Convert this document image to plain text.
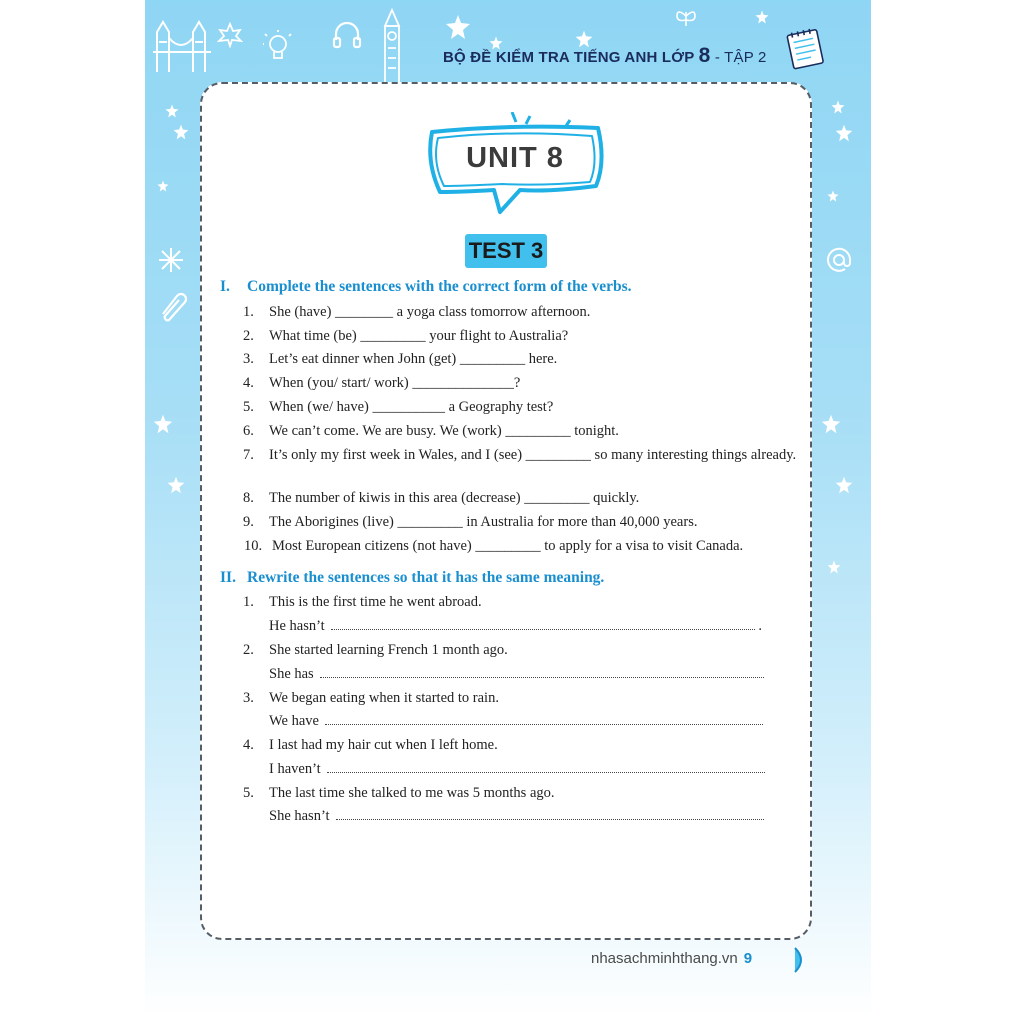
BỘ ĐỀ KIỂM TRA TIẾNG ANH LỚP 8 - TẬP 2
UNIT 8
TEST 3
I. Complete the sentences with the correct form of the verbs.
1.	She (have) ________ a yoga class tomorrow afternoon.
2.	What time (be) _________ your flight to Australia?
3.	Let’s eat dinner when John (get) _________ here.
4.	When (you/ start/ work) ______________?
5.	When (we/ have) __________ a Geography test?
6.	We can’t come. We are busy. We (work) _________ tonight.
7.	It’s only my first week in Wales, and I (see) _________ so many interesting things already.
8.	The number of kiwis in this area (decrease) _________ quickly.
9.	The Aborigines (live) _________ in Australia for more than 40,000 years.
10. Most European citizens (not have) _________ to apply for a visa to visit Canada.
II. Rewrite the sentences so that it has the same meaning.
1.	This is the first time he went abroad.
He hasn’t	.
2.	She started learning French 1 month ago.
She has
3.	We began eating when it started to rain.
We have
4.	I last had my hair cut when I left home.
I haven’t
5.	The last time she talked to me was 5 months ago.
She hasn’t
nhasachminhthang.vn 9
